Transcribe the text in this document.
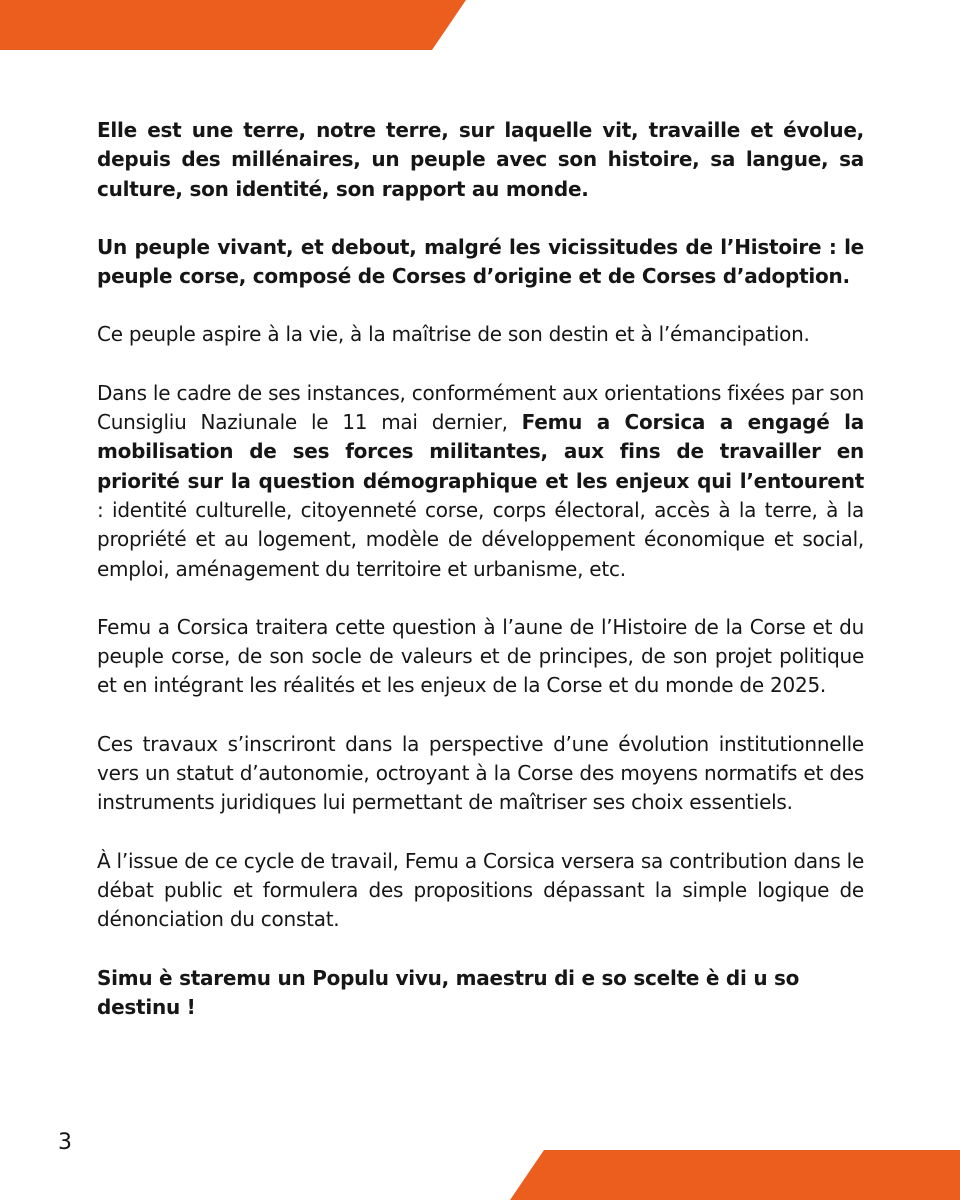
Elle est une terre, notre terre, sur laquelle vit, travaille et évolue, depuis des millénaires, un peuple avec son histoire, sa langue, sa culture, son identité, son rapport au monde.

Un peuple vivant, et debout, malgré les vicissitudes de l’Histoire : le peuple corse, composé de Corses d’origine et de Corses d’adoption.

Ce peuple aspire à la vie, à la maîtrise de son destin et à l’émancipation.

Dans le cadre de ses instances, conformément aux orientations fixées par son Cunsigliu Naziunale le 11 mai dernier, Femu a Corsica a engagé la mobilisation de ses forces militantes, aux fins de travailler en priorité sur la question démographique et les enjeux qui l’entourent : identité culturelle, citoyenneté corse, corps électoral, accès à la terre, à la propriété et au logement, modèle de développement économique et social, emploi, aménagement du territoire et urbanisme, etc.

Femu a Corsica traitera cette question à l’aune de l’Histoire de la Corse et du peuple corse, de son socle de valeurs et de principes, de son projet politique et en intégrant les réalités et les enjeux de la Corse et du monde de 2025.

Ces travaux s’inscriront dans la perspective d’une évolution institutionnelle vers un statut d’autonomie, octroyant à la Corse des moyens normatifs et des instruments juridiques lui permettant de maîtriser ses choix essentiels.

À l’issue de ce cycle de travail, Femu a Corsica versera sa contribution dans le débat public et formulera des propositions dépassant la simple logique de dénonciation du constat.

Simu è staremu un Populu vivu, maestru di e so scelte è di u so destinu !

3
